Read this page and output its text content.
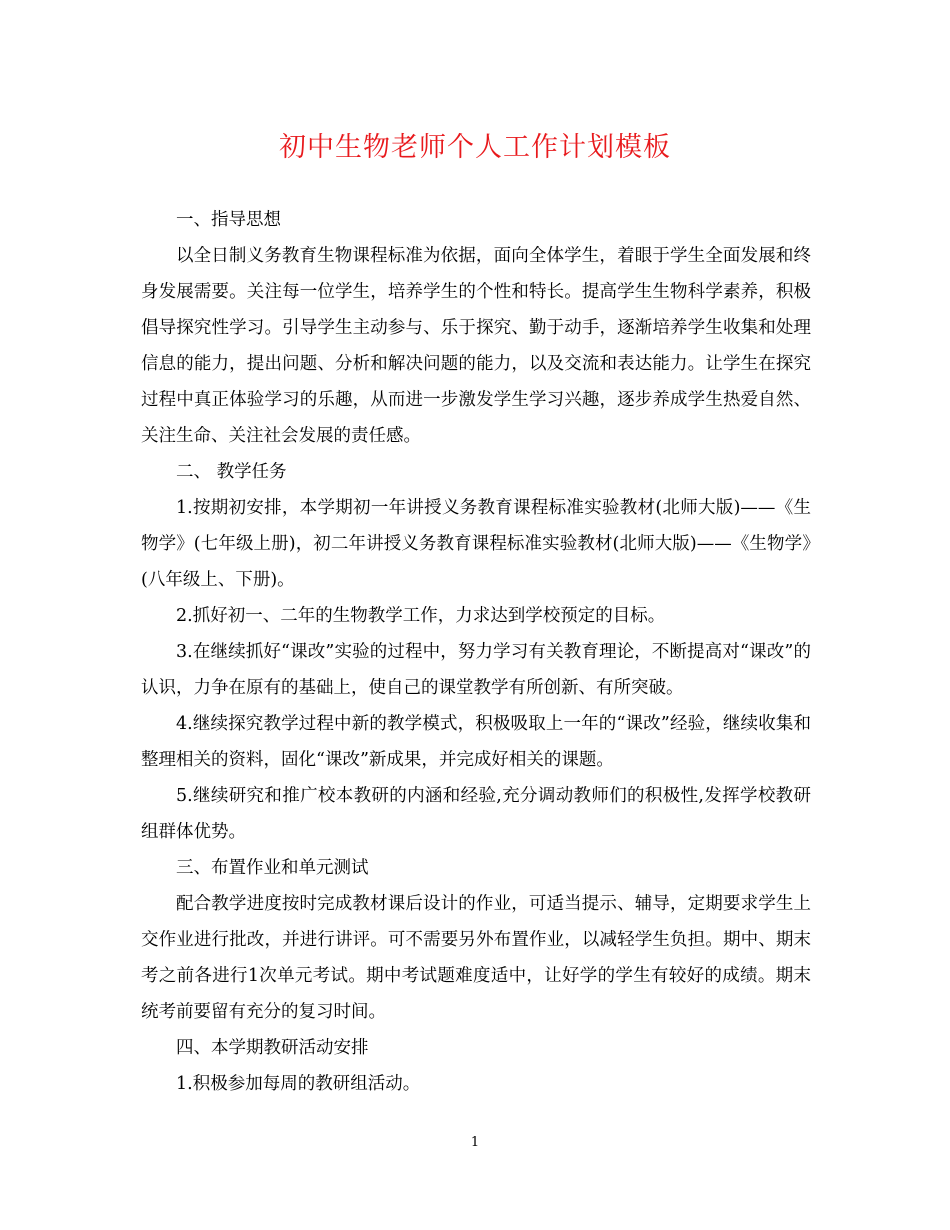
初中生物老师个人工作计划模板

一、指导思想

以全日制义务教育生物课程标准为依据，面向全体学生，着眼于学生全面发展和终身发展需要。关注每一位学生，培养学生的个性和特长。提高学生生物科学素养，积极倡导探究性学习。引导学生主动参与、乐于探究、勤于动手，逐渐培养学生收集和处理信息的能力，提出问题、分析和解决问题的能力，以及交流和表达能力。让学生在探究过程中真正体验学习的乐趣，从而进一步激发学生学习兴趣，逐步养成学生热爱自然、关注生命、关注社会发展的责任感。

二、 教学任务

1.按期初安排，本学期初一年讲授义务教育课程标准实验教材(北师大版)——《生物学》(七年级上册)，初二年讲授义务教育课程标准实验教材(北师大版)——《生物学》(八年级上、下册)。

2.抓好初一、二年的生物教学工作，力求达到学校预定的目标。

3.在继续抓好“课改”实验的过程中，努力学习有关教育理论，不断提高对“课改”的认识，力争在原有的基础上，使自己的课堂教学有所创新、有所突破。

4.继续探究教学过程中新的教学模式，积极吸取上一年的“课改”经验，继续收集和整理相关的资料，固化“课改”新成果，并完成好相关的课题。

5.继续研究和推广校本教研的内涵和经验,充分调动教师们的积极性,发挥学校教研组群体优势。

三、布置作业和单元测试

配合教学进度按时完成教材课后设计的作业，可适当提示、辅导，定期要求学生上交作业进行批改，并进行讲评。可不需要另外布置作业，以减轻学生负担。期中、期末考之前各进行1次单元考试。期中考试题难度适中，让好学的学生有较好的成绩。期末统考前要留有充分的复习时间。

四、本学期教研活动安排

1.积极参加每周的教研组活动。

1
